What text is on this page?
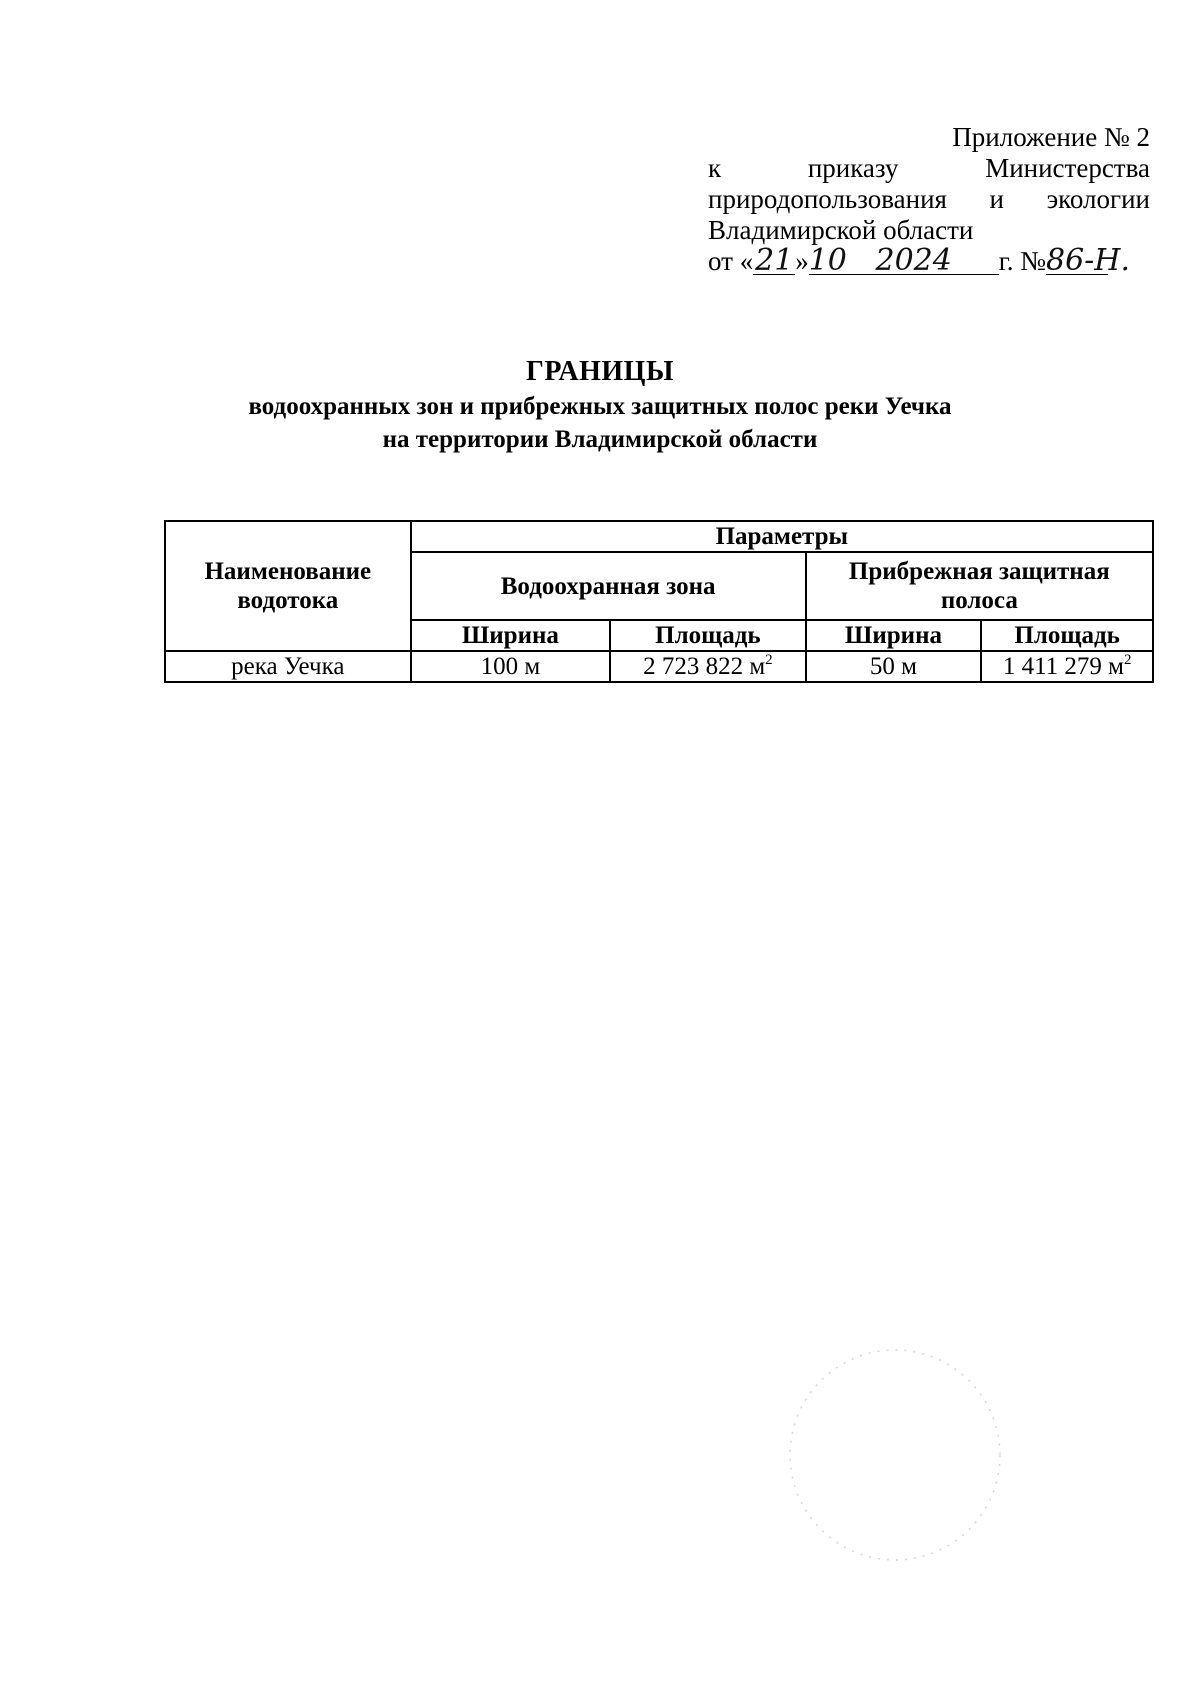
Приложение № 2
к	приказу	Министерства
природопользования и экологии
Владимирской области
от «21»10 2024 г. №86-Н.
ГРАНИЦЫ
водоохранных зон и прибрежных защитных полос реки Уечка
на территории Владимирской области
Наименование водотока	Параметры			
	Водоохранная зона		Прибрежная защитная полоса	
	Ширина	Площадь	Ширина	Площадь
река Уечка	100 м	2 723 822 $м^2$	50 м	1 411 279 $м^2$
